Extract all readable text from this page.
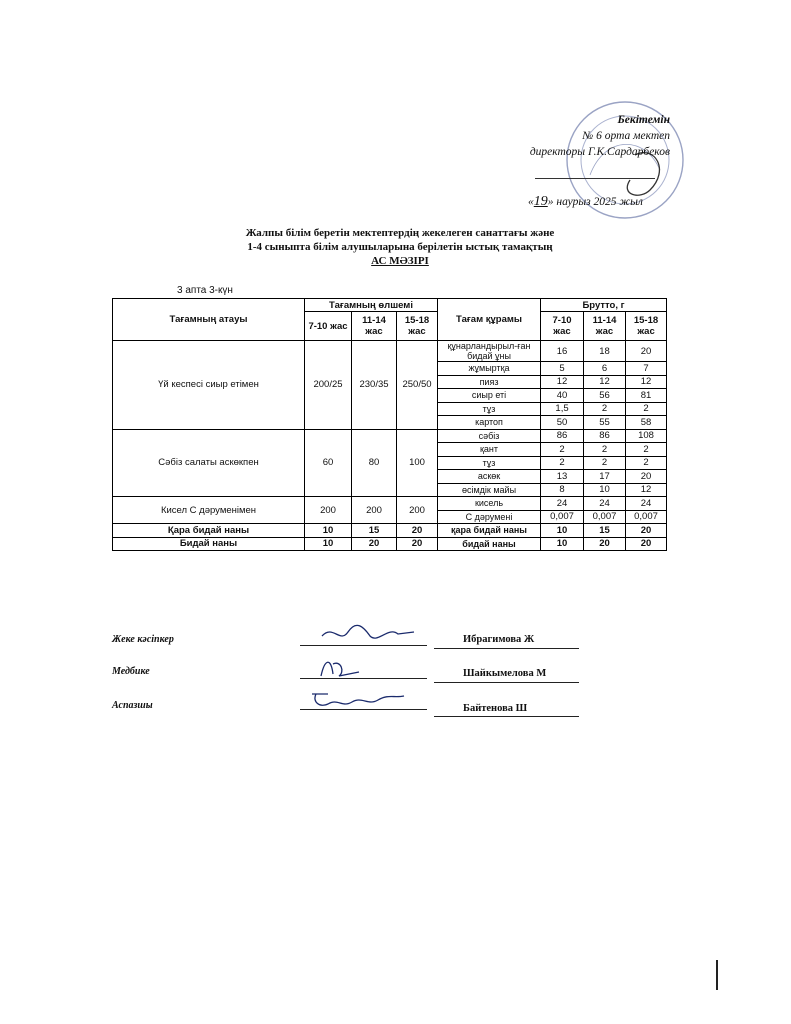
Бекітемін
№ 6 орта мектеп
директоры Г.К.Сардарбеков
«19» наурыз 2025 жыл
Жалпы білім беретін мектептердің жекелеген санаттағы және
1-4 сыныпта білім алушыларына берілетін ыстық тамақтың
АС МӘЗІРІ
3 апта 3-күн
Тағамның атауы	Тағамның өлшемі			Тағам құрамы	Брутто, г		
	7-10 жас	11-14 жас	15-18 жас		7-10 жас	11-14 жас	15-18 жас
Үй кеспесі сиыр етімен	200/25	230/35	250/50	құнарландырыл-ған бидай ұны	16	18	20
				жұмыртқа	5	6	7
				пияз	12	12	12
				сиыр еті	40	56	81
				тұз	1,5	2	2
				картоп	50	55	58
Сәбіз салаты аскөкпен	60	80	100	сәбіз	86	86	108
				қант	2	2	2
				тұз	2	2	2
				аскөк	13	17	20
				өсімдік майы	8	10	12
Кисел С дәруменімен	200	200	200	кисель	24	24	24
				С дәрумені	0,007	0,007	0,007
Қара бидай наны	10	15	20	қара бидай наны	10	15	20
Бидай наны	10	20	20	бидай наны	10	20	20
Жеке кәсіпкер	Ибрагимова Ж
Медбике	Шайкымелова М
Аспазшы	Байтенова Ш
